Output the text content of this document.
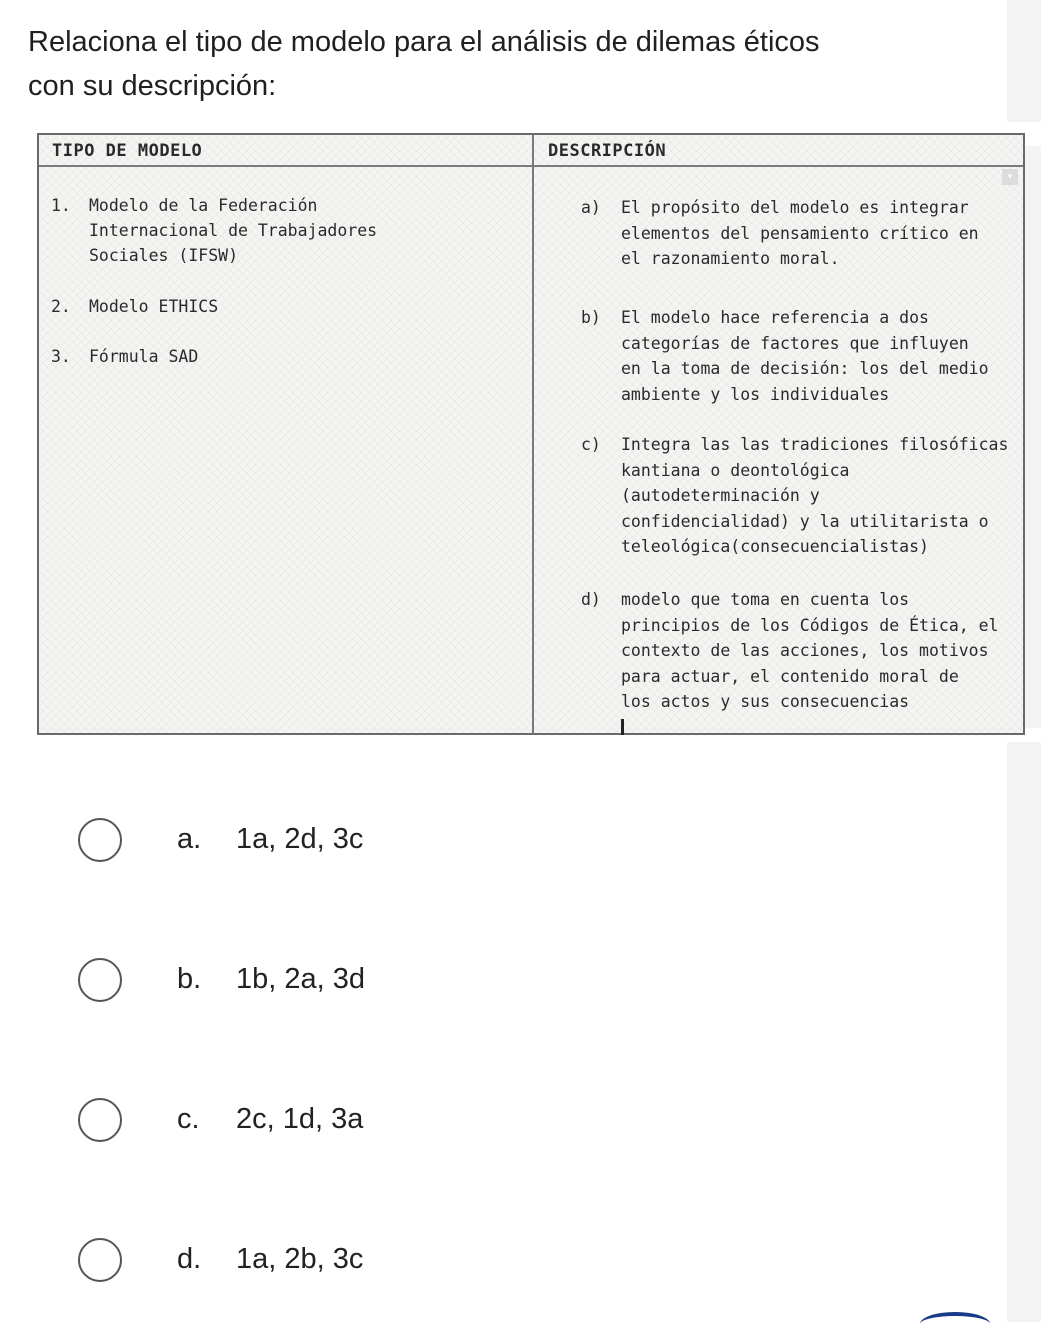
Relaciona el tipo de modelo para el análisis de dilemas éticos
con su descripción:
TIPO DE MODELO	DESCRIPCIÓN
▾
1. Modelo de la Federación
Internacional de Trabajadores
Sociales (IFSW)
2. Modelo ETHICS
3. Fórmula SAD
a) El propósito del modelo es integrar
elementos del pensamiento crítico en
el razonamiento moral.
b) El modelo hace referencia a dos
categorías de factores que influyen
en la toma de decisión: los del medio
ambiente y los individuales
c) Integra las las tradiciones filosóficas
kantiana o deontológica
(autodeterminación y
confidencialidad) y la utilitarista o
teleológica(consecuencialistas)
d) modelo que toma en cuenta los
principios de los Códigos de Ética, el
contexto de las acciones, los motivos
para actuar, el contenido moral de
los actos y sus consecuencias
a. 1a, 2d, 3c
b. 1b, 2a, 3d
c. 2c, 1d, 3a
d. 1a, 2b, 3c
